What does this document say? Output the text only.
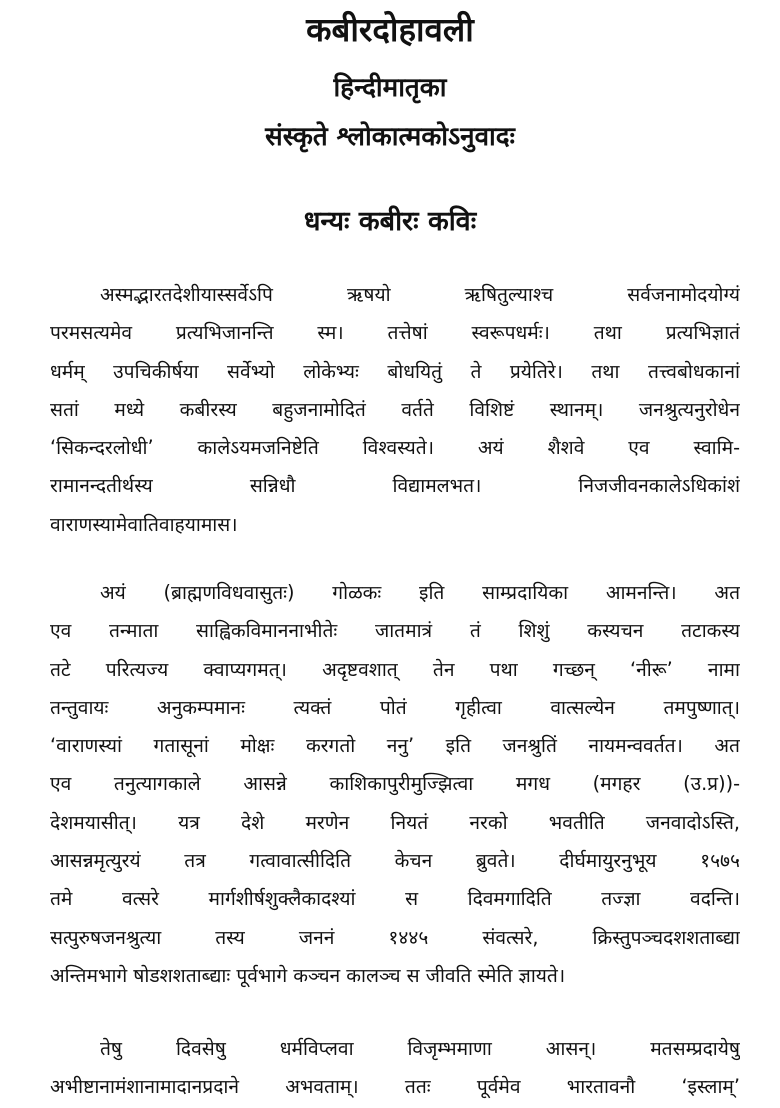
कबीरदोहावली
हिन्दीमातृका
संस्कृते श्लोकात्मकोऽनुवादः
धन्यः कबीरः कविः
अस्मद्भारतदेशीयास्सर्वेऽपि ऋषयो ऋषितुल्याश्च सर्वजनामोदयोग्यं
परमसत्यमेव प्रत्यभिजानन्ति स्म। तत्तेषां स्वरूपधर्मः। तथा प्रत्यभिज्ञातं
धर्मम् उपचिकीर्षया सर्वेभ्यो लोकेभ्यः बोधयितुं ते प्रयेतिरे। तथा तत्त्वबोधकानां
सतां मध्ये कबीरस्य बहुजनामोदितं वर्तते विशिष्टं स्थानम्। जनश्रुत्यनुरोधेन
‘सिकन्दरलोधी’ कालेऽयमजनिष्टेति विश्वस्यते। अयं शैशवे एव स्वामि-
रामानन्दतीर्थस्य सन्निधौ विद्यामलभत। निजजीवनकालेऽधिकांशं
वाराणस्यामेवातिवाहयामास।
अयं (ब्राह्मणविधवासुतः) गोळकः इति साम्प्रदायिका आमनन्ति। अत
एव तन्माता साह्विकविमाननाभीतेः जातमात्रं तं शिशुं कस्यचन तटाकस्य
तटे परित्यज्य क्वाप्यगमत्। अदृष्टवशात् तेन पथा गच्छन् ‘नीरू’ नामा
तन्तुवायः अनुकम्पमानः त्यक्तं पोतं गृहीत्वा वात्सल्येन तमपुष्णात्।
‘वाराणस्यां गतासूनां मोक्षः करगतो ननु’ इति जनश्रुतिं नायमन्ववर्तत। अत
एव तनुत्यागकाले आसन्ने काशिकापुरीमुज्झित्वा मगध (मगहर (उ.प्र))-
देशमयासीत्। यत्र देशे मरणेन नियतं नरको भवतीति जनवादोऽस्ति,
आसन्नमृत्युरयं तत्र गत्वावात्सीदिति केचन ब्रुवते। दीर्घमायुरनुभूय १५७५
तमे वत्सरे मार्गशीर्षशुक्लैकादश्यां स दिवमगादिति तज्ज्ञा वदन्ति।
सत्पुरुषजनश्रुत्या तस्य जननं १४४५ संवत्सरे, क्रिस्तुपञ्चदशशताब्द्या
अन्तिमभागे षोडशशताब्द्याः पूर्वभागे कञ्चन कालञ्च स जीवति स्मेति ज्ञायते।
तेषु दिवसेषु धर्मविप्लवा विजृम्भमाणा आसन्। मतसम्प्रदायेषु
अभीष्टानामंशानामादानप्रदाने अभवताम्। ततः पूर्वमेव भारतावनौ ‘इस्लाम्’
